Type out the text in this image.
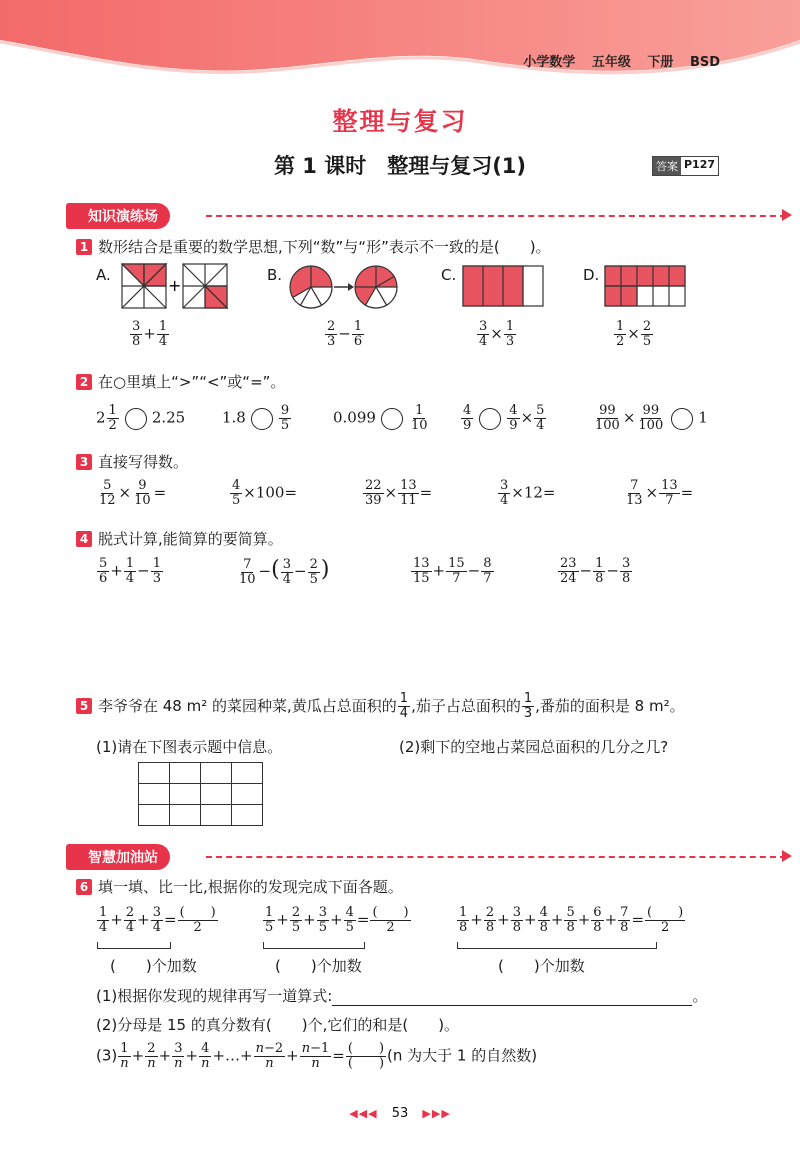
小学数学 五年级 下册 BSD
整理与复习
第 1 课时　整理与复习(1)	答案 P127
知识演练场
1 数形结合是重要的数学思想,下列“数”与“形”表示不一致的是(　　)。
A.
+
$\frac{3}{8} + \frac{1}{4}$
B.
$\frac{2}{3} - \frac{1}{6}$
C.
$\frac{3}{4} \times \frac{1}{3}$
D.
$\frac{1}{2} \times \frac{2}{5}$
2 在○里填上“>”“<”或“=”。
$2 \frac{1}{2} 2.25$ 1.8	$\frac{9}{5}$	0.099	$\frac{1}{10} \frac{4}{9}$	$\frac{4}{9} \times \frac{5}{4}$	$\frac{99}{100} \times \frac{99}{100} 1$
3 直接写得数。
$\frac{5}{12} \times \frac{9}{10}$ =	$\frac{4}{5} \times 100=$	$\frac{22}{39} \times \frac{13}{11}$ =	$\frac{3}{4} \times 12=$	$\frac{7}{13} \times \frac{13}{7}$ =
4 脱式计算,能简算的要简算。
$\frac{5}{6} + \frac{1}{4} - \frac{1}{3}$	$\frac{7}{10}$ −( $\frac{3}{4} - \frac{2}{5}$ )	$\frac{13}{15} + \frac{15}{7} - \frac{8}{7}$	$\frac{23}{24} - \frac{1}{8} - \frac{3}{8}$
5 李爷爷在 48 m² 的菜园种菜,黄瓜占总面积的 $\frac{1}{4}$ ,茄子占总面积的 $\frac{1}{3}$ ,番茄的面积是 8 m²。
(1)请在下图表示题中信息。	(2)剩下的空地占菜园总面积的几分之几?

智慧加油站
6 填一填、比一比,根据你的发现完成下面各题。
$\frac{1}{4} + \frac{2}{4} + \frac{3}{4} = \frac{( )}{2}$
(　　)个加数
$\frac{1}{5} + \frac{2}{5} + \frac{3}{5} + \frac{4}{5} = \frac{( )}{2}$
(　　)个加数
$\frac{1}{8} + \frac{2}{8} + \frac{3}{8} + \frac{4}{8} + \frac{5}{8} + \frac{6}{8} + \frac{7}{8} = \frac{( )}{2}$
(　　)个加数
(1)根据你发现的规律再写一道算式:	。
(2)分母是 15 的真分数有(　　)个,它们的和是(　　)。
$(3) \frac{1}{n} + \frac{2}{n} + \frac{3}{n} + \frac{4}{n}$ +…+ $\frac{n-2}{n} + \frac{n-1}{n} = \frac{( )}{( )} (n$ 为大于 1 的自然数)
◀◀◀ 53 ▶▶▶
